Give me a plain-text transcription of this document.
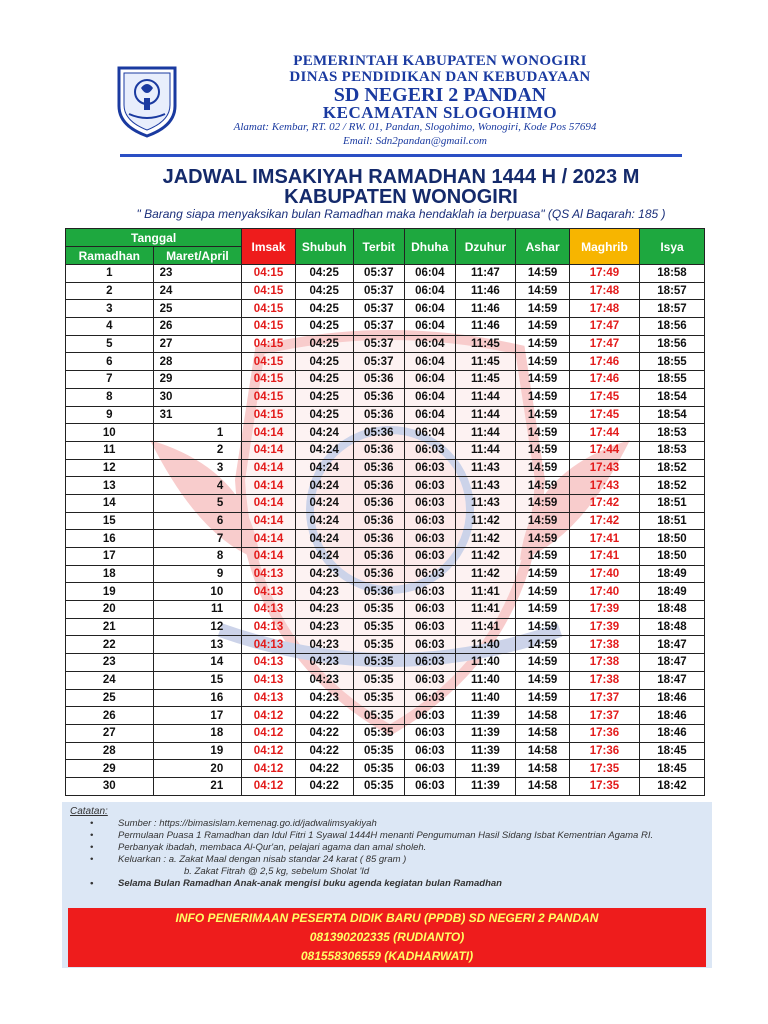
PEMERINTAH KABUPATEN WONOGIRI
DINAS PENDIDIKAN DAN KEBUDAYAAN
SD NEGERI 2 PANDAN
KECAMATAN SLOGOHIMO
Alamat: Kembar, RT. 02 / RW. 01, Pandan, Slogohimo, Wonogiri, Kode Pos 57694
Email: Sdn2pandan@gmail.com
JADWAL IMSAKIYAH RAMADHAN 1444 H / 2023 M
KABUPATEN WONOGIRI
" Barang siapa menyaksikan bulan Ramadhan maka hendaklah ia berpuasa" (QS Al Baqarah: 185 )
Tanggal		Imsak	Shubuh	Terbit	Dhuha	Dzuhur	Ashar	Maghrib	Isya
Ramadhan	Maret/April								
1	23	04:15	04:25	05:37	06:04	11:47	14:59	17:49	18:58
2	24	04:15	04:25	05:37	06:04	11:46	14:59	17:48	18:57
3	25	04:15	04:25	05:37	06:04	11:46	14:59	17:48	18:57
4	26	04:15	04:25	05:37	06:04	11:46	14:59	17:47	18:56
5	27	04:15	04:25	05:37	06:04	11:45	14:59	17:47	18:56
6	28	04:15	04:25	05:37	06:04	11:45	14:59	17:46	18:55
7	29	04:15	04:25	05:36	06:04	11:45	14:59	17:46	18:55
8	30	04:15	04:25	05:36	06:04	11:44	14:59	17:45	18:54
9	31	04:15	04:25	05:36	06:04	11:44	14:59	17:45	18:54
10	1	04:14	04:24	05:36	06:04	11:44	14:59	17:44	18:53
11	2	04:14	04:24	05:36	06:03	11:44	14:59	17:44	18:53
12	3	04:14	04:24	05:36	06:03	11:43	14:59	17:43	18:52
13	4	04:14	04:24	05:36	06:03	11:43	14:59	17:43	18:52
14	5	04:14	04:24	05:36	06:03	11:43	14:59	17:42	18:51
15	6	04:14	04:24	05:36	06:03	11:42	14:59	17:42	18:51
16	7	04:14	04:24	05:36	06:03	11:42	14:59	17:41	18:50
17	8	04:14	04:24	05:36	06:03	11:42	14:59	17:41	18:50
18	9	04:13	04:23	05:36	06:03	11:42	14:59	17:40	18:49
19	10	04:13	04:23	05:36	06:03	11:41	14:59	17:40	18:49
20	11	04:13	04:23	05:35	06:03	11:41	14:59	17:39	18:48
21	12	04:13	04:23	05:35	06:03	11:41	14:59	17:39	18:48
22	13	04:13	04:23	05:35	06:03	11:40	14:59	17:38	18:47
23	14	04:13	04:23	05:35	06:03	11:40	14:59	17:38	18:47
24	15	04:13	04:23	05:35	06:03	11:40	14:59	17:38	18:47
25	16	04:13	04:23	05:35	06:03	11:40	14:59	17:37	18:46
26	17	04:12	04:22	05:35	06:03	11:39	14:58	17:37	18:46
27	18	04:12	04:22	05:35	06:03	11:39	14:58	17:36	18:46
28	19	04:12	04:22	05:35	06:03	11:39	14:58	17:36	18:45
29	20	04:12	04:22	05:35	06:03	11:39	14:58	17:35	18:45
30	21	04:12	04:22	05:35	06:03	11:39	14:58	17:35	18:42
Catatan:
•	Sumber : https://bimasislam.kemenag.go.id/jadwalimsyakiyah
•	Permulaan Puasa 1 Ramadhan dan Idul Fitri 1 Syawal 1444H menanti Pengumuman Hasil Sidang Isbat Kementrian Agama RI.
•	Perbanyak ibadah, membaca Al-Qur'an, pelajari agama dan amal sholeh.
•	Keluarkan : a. Zakat Maal dengan nisab standar 24 karat ( 85 gram )
b. Zakat Fitrah @ 2,5 kg, sebelum Sholat 'Id
•	Selama Bulan Ramadhan Anak-anak mengisi buku agenda kegiatan bulan Ramadhan
INFO PENERIMAAN PESERTA DIDIK BARU (PPDB) SD NEGERI 2 PANDAN
081390202335 (RUDIANTO)
081558306559 (KADHARWATI)
